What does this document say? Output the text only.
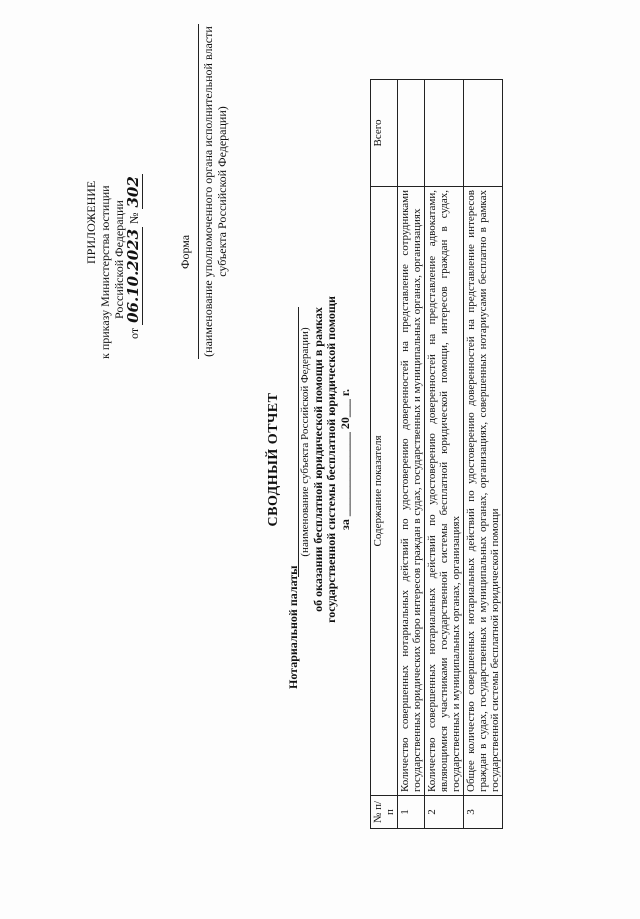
ПРИЛОЖЕНИЕ к приказу Министерства юстиции Российской Федерации
от 06.10.2023 № 302
Форма (наименование уполномоченного органа исполнительной власти субъекта Российской Федерации)
СВОДНЫЙ ОТЧЕТ
Нотариальной палаты
(наименование субъекта Российской Федерации) об оказании бесплатной юридической помощи в рамках государственной системы бесплатной юридической помощи за ______________ 20___ г.
№ п/п	Содержание показателя	Всего
1	Количество совершенных нотариальных действий по удостоверению доверенностей на представление сотрудниками государственных юридических бюро интересов граждан в судах, государственных и муниципальных органах, организациях	
2	Количество совершенных нотариальных действий по удостоверению доверенностей на представление адвокатами, являющимися участниками государственной системы бесплатной юридической помощи, интересов граждан в судах, государственных и муниципальных органах, организациях	
3	Общее количество совершенных нотариальных действий по удостоверению доверенностей на представление интересов граждан в судах, государственных и муниципальных органах, организациях, совершенных нотариусами бесплатно в рамках государственной системы бесплатной юридической помощи	
